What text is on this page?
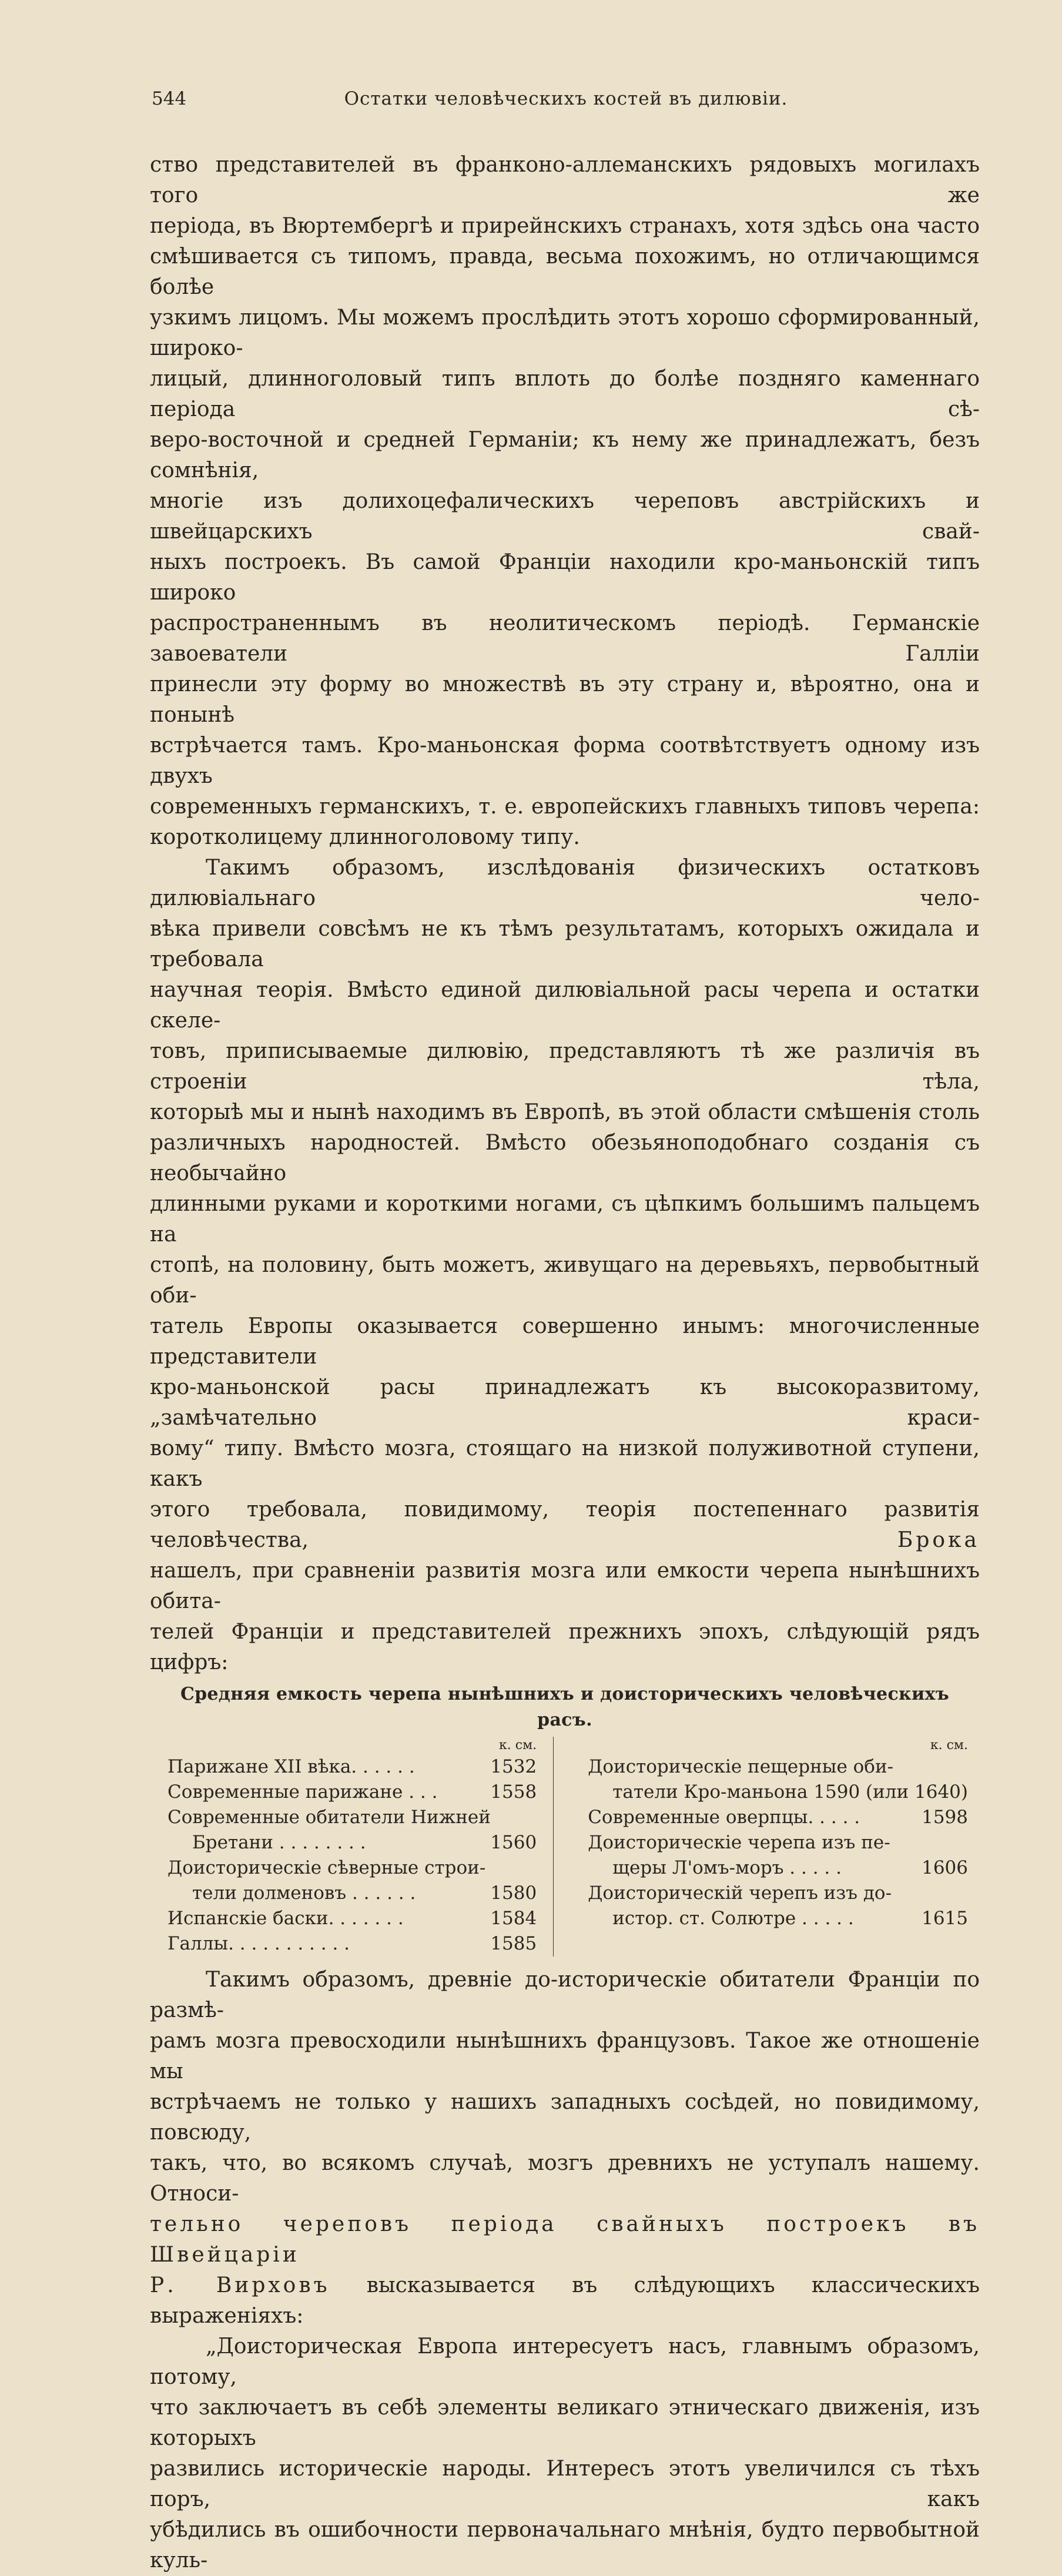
544	Остатки человѣческихъ костей въ дилювіи.

ство представителей въ франконо-аллеманскихъ рядовыхъ могилахъ того же

періода, въ Вюртембергѣ и прирейнскихъ странахъ, хотя здѣсь она часто

смѣшивается съ типомъ, правда, весьма похожимъ, но отличающимся болѣе

узкимъ лицомъ. Мы можемъ прослѣдить этотъ хорошо сформированный, широко-

лицый, длинноголовый типъ вплоть до болѣе поздняго каменнаго періода сѣ-

веро-восточной и средней Германіи; къ нему же принадлежатъ, безъ сомнѣнія,

многіе изъ долихоцефалическихъ череповъ австрійскихъ и швейцарскихъ свай-

ныхъ построекъ. Въ самой Франціи находили кро-маньонскій типъ широко

распространеннымъ въ неолитическомъ періодѣ. Германскіе завоеватели Галліи

принесли эту форму во множествѣ въ эту страну и, вѣроятно, она и понынѣ

встрѣчается тамъ. Кро-маньонская форма соотвѣтствуетъ одному изъ двухъ

современныхъ германскихъ, т. е. европейскихъ главныхъ типовъ черепа:

коротколицему длинноголовому типу.

Такимъ образомъ, изслѣдованія физическихъ остатковъ дилювіальнаго чело-

вѣка привели совсѣмъ не къ тѣмъ результатамъ, которыхъ ожидала и требовала

научная теорія. Вмѣсто единой дилювіальной расы черепа и остатки скеле-

товъ, приписываемые дилювію, представляютъ тѣ же различія въ строеніи тѣла,

которыѣ мы и нынѣ находимъ въ Европѣ, въ этой области смѣшенія столь

различныхъ народностей. Вмѣсто обезьяноподобнаго созданія съ необычайно

длинными руками и короткими ногами, съ цѣпкимъ большимъ пальцемъ на

стопѣ, на половину, быть можетъ, живущаго на деревьяхъ, первобытный оби-

татель Европы оказывается совершенно инымъ: многочисленные представители

кро-маньонской расы принадлежатъ къ высокоразвитому, „замѣчательно краси-

вому“ типу. Вмѣсто мозга, стоящаго на низкой полуживотной ступени, какъ

этого требовала, повидимому, теорія постепеннаго развитія человѣчества,	Брока

нашелъ, при сравненіи развитія мозга или емкости черепа нынѣшнихъ обита-

телей Франціи и представителей прежнихъ эпохъ, слѣдующій рядъ цифръ:

Средняя емкость черепа нынѣшнихъ и доисторическихъ человѣческихъ расъ.
к. см.
Парижане XII вѣка. . . . . .	1532
Современные парижане . . .	1558
Современные обитатели Нижней
Бретани . . . . . . . .	1560
Доисторическіе сѣверные строи-
тели долменовъ . . . . . .	1580
Испанскіе баски. . . . . . .	1584
Галлы. . . . . . . . . . .	1585
к. см.
Доисторическіе пещерные оби-
татели Кро-маньона 1590 (или 1640)
Современные оверпцы. . . . .	1598
Доисторическіе черепа изъ пе-
щеры Л'омъ-моръ . . . . .	1606
Доисторическій черепъ изъ до-
истор. ст. Солютре . . . . .	1615

Такимъ образомъ, древніе до-историческіе обитатели Франціи по размѣ-

рамъ мозга превосходили нынѣшнихъ французовъ. Такое же отношеніе мы

встрѣчаемъ не только у нашихъ западныхъ сосѣдей, но повидимому, повсюду,

такъ, что, во всякомъ случаѣ, мозгъ древнихъ не уступалъ нашему. Относи-

тельно череповъ періода свайныхъ построекъ въ Швейцаріи

Р. Вирховъ высказывается въ слѣдующихъ классическихъ выраженіяхъ:

„Доисторическая Европа интересуетъ насъ, главнымъ образомъ, потому,

что заключаетъ въ себѣ элементы великаго этническаго движенія, изъ которыхъ

развились историческіе народы. Интересъ этотъ увеличился съ тѣхъ поръ, какъ

убѣдились въ ошибочности первоначальнаго мнѣнія, будто первобытной куль-
